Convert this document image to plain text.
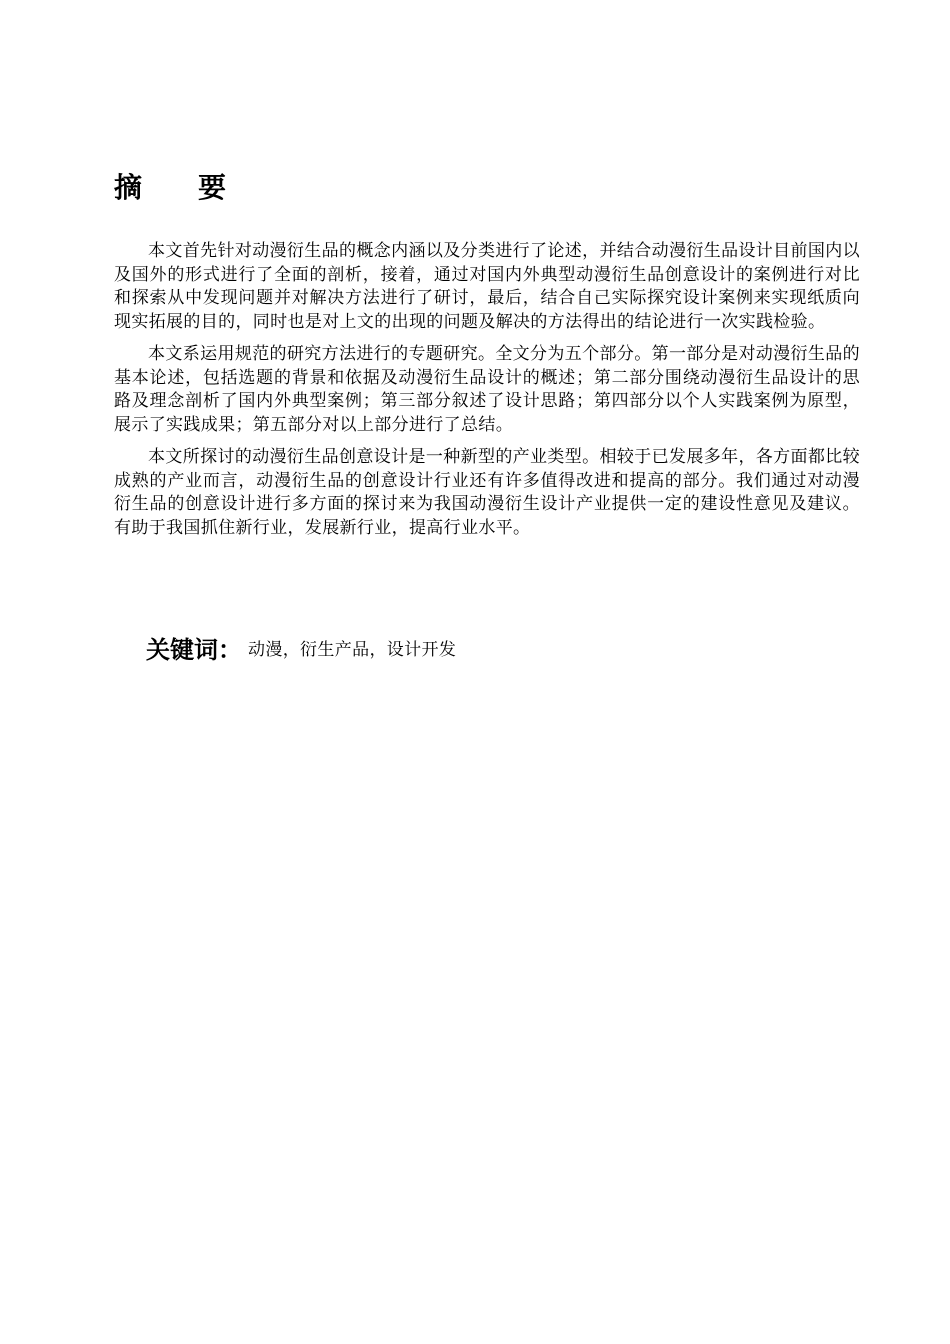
摘 要

本文首先针对动漫衍生品的概念内涵以及分类进行了论述，并结合动漫衍生品设计目前国内以及国外的形式进行了全面的剖析，接着，通过对国内外典型动漫衍生品创意设计的案例进行对比和探索从中发现问题并对解决方法进行了研讨，最后，结合自己实际探究设计案例来实现纸质向现实拓展的目的，同时也是对上文的出现的问题及解决的方法得出的结论进行一次实践检验。

本文系运用规范的研究方法进行的专题研究。全文分为五个部分。第一部分是对动漫衍生品的基本论述，包括选题的背景和依据及动漫衍生品设计的概述；第二部分围绕动漫衍生品设计的思路及理念剖析了国内外典型案例；第三部分叙述了设计思路；第四部分以个人实践案例为原型，展示了实践成果；第五部分对以上部分进行了总结。

本文所探讨的动漫衍生品创意设计是一种新型的产业类型。相较于已发展多年，各方面都比较成熟的产业而言，动漫衍生品的创意设计行业还有许多值得改进和提高的部分。我们通过对动漫衍生品的创意设计进行多方面的探讨来为我国动漫衍生设计产业提供一定的建设性意见及建议。有助于我国抓住新行业，发展新行业，提高行业水平。

关键词： 动漫，衍生产品，设计开发
